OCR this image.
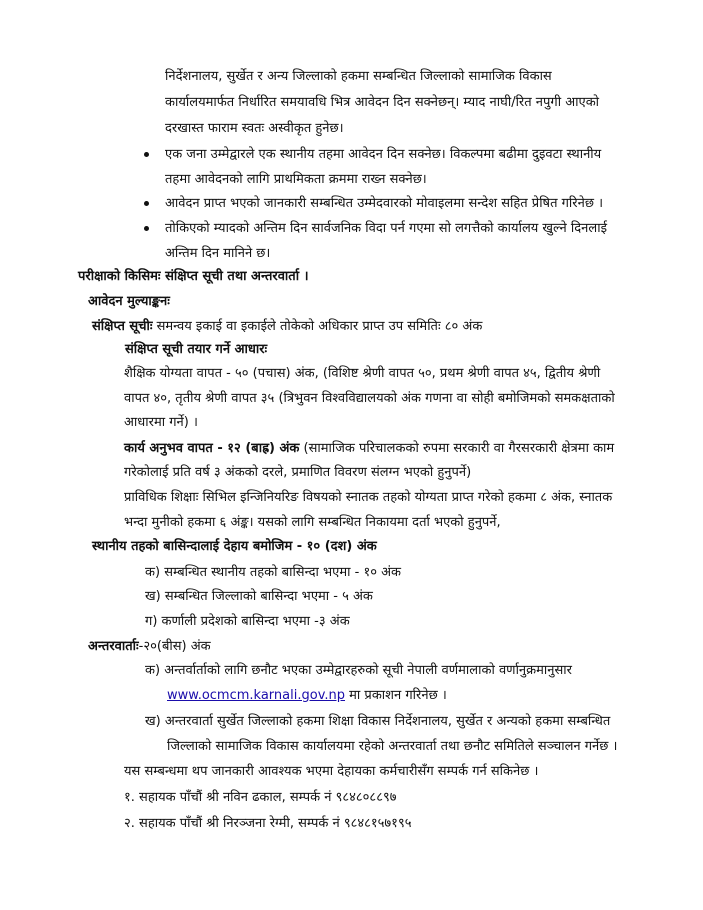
निर्देशनालय, सुर्खेत र अन्य जिल्लाको हकमा सम्बन्धित जिल्लाको सामाजिक विकास
कार्यालयमार्फत निर्धारित समयावधि भित्र आवेदन दिन सक्नेछन्। म्याद नाघी/रित नपुगी आएको
दरखास्त फाराम स्वतः अस्वीकृत हुनेछ।
एक जना उम्मेद्वारले एक स्थानीय तहमा आवेदन दिन सक्नेछ। विकल्पमा बढीमा दुइवटा स्थानीय
तहमा आवेदनको लागि प्राथमिकता क्रममा राख्न सक्नेछ।
आवेदन प्राप्त भएको जानकारी सम्बन्धित उम्मेदवारको मोवाइलमा सन्देश सहित प्रेषित गरिनेछ ।
तोकिएको म्यादको अन्तिम दिन सार्वजनिक विदा पर्न गएमा सो लगत्तैको कार्यालय खुल्ने दिनलाई
अन्तिम दिन मानिने छ।
परीक्षाको किसिमः संक्षिप्त सूची तथा अन्तरवार्ता ।
आवेदन मुल्याङ्कनः
संक्षिप्त सूचीः समन्वय इकाई वा इकाईले तोकेको अधिकार प्राप्त उप समितिः ८० अंक
संक्षिप्त सूची तयार गर्ने आधारः
शैक्षिक योग्यता वापत - ५० (पचास) अंक, (विशिष्ट श्रेणी वापत ५०, प्रथम श्रेणी वापत ४५, द्वितीय श्रेणी
वापत ४०, तृतीय श्रेणी वापत ३५ (त्रिभुवन विश्वविद्यालयको अंक गणना वा सोही बमोजिमको समकक्षताको
आधारमा गर्ने) ।
कार्य अनुभव वापत - १२ (बाह्र) अंक (सामाजिक परिचालकको रुपमा सरकारी वा गैरसरकारी क्षेत्रमा काम
गरेकोलाई प्रति वर्ष ३ अंकको दरले, प्रमाणित विवरण संलग्न भएको हुनुपर्ने)
प्राविधिक शिक्षाः सिभिल इन्जिनियरिङ विषयको स्नातक तहको योग्यता प्राप्त गरेको हकमा ८ अंक, स्नातक
भन्दा मुनीको हकमा ६ अंङ्क। यसको लागि सम्बन्धित निकायमा दर्ता भएको हुनुपर्ने,
स्थानीय तहको बासिन्दालाई देहाय बमोजिम - १० (दश) अंक
क) सम्बन्धित स्थानीय तहको बासिन्दा भएमा - १० अंक
ख) सम्बन्धित जिल्लाको बासिन्दा भएमा - ५ अंक
ग) कर्णाली प्रदेशको बासिन्दा भएमा -३ अंक
अन्तरवार्ताः-२०(बीस) अंक
क) अन्तर्वार्ताको लागि छनौट भएका उम्मेद्वारहरुको सूची नेपाली वर्णमालाको वर्णानुक्रमानुसार
www.ocmcm.karnali.gov.np मा प्रकाशन गरिनेछ ।
ख) अन्तरवार्ता सुर्खेत जिल्लाको हकमा शिक्षा विकास निर्देशनालय, सुर्खेत र अन्यको हकमा सम्बन्धित
जिल्लाको सामाजिक विकास कार्यालयमा रहेको अन्तरवार्ता तथा छनौट समितिले सञ्चालन गर्नेछ ।
यस सम्बन्धमा थप जानकारी आवश्यक भएमा देहायका कर्मचारीसँग सम्पर्क गर्न सकिनेछ ।
१. सहायक पाँचौं श्री नविन ढकाल, सम्पर्क नं ९८४८०८८९७
२. सहायक पाँचौं श्री निरञ्जना रेग्मी, सम्पर्क नं ९८४८१५७१९५
